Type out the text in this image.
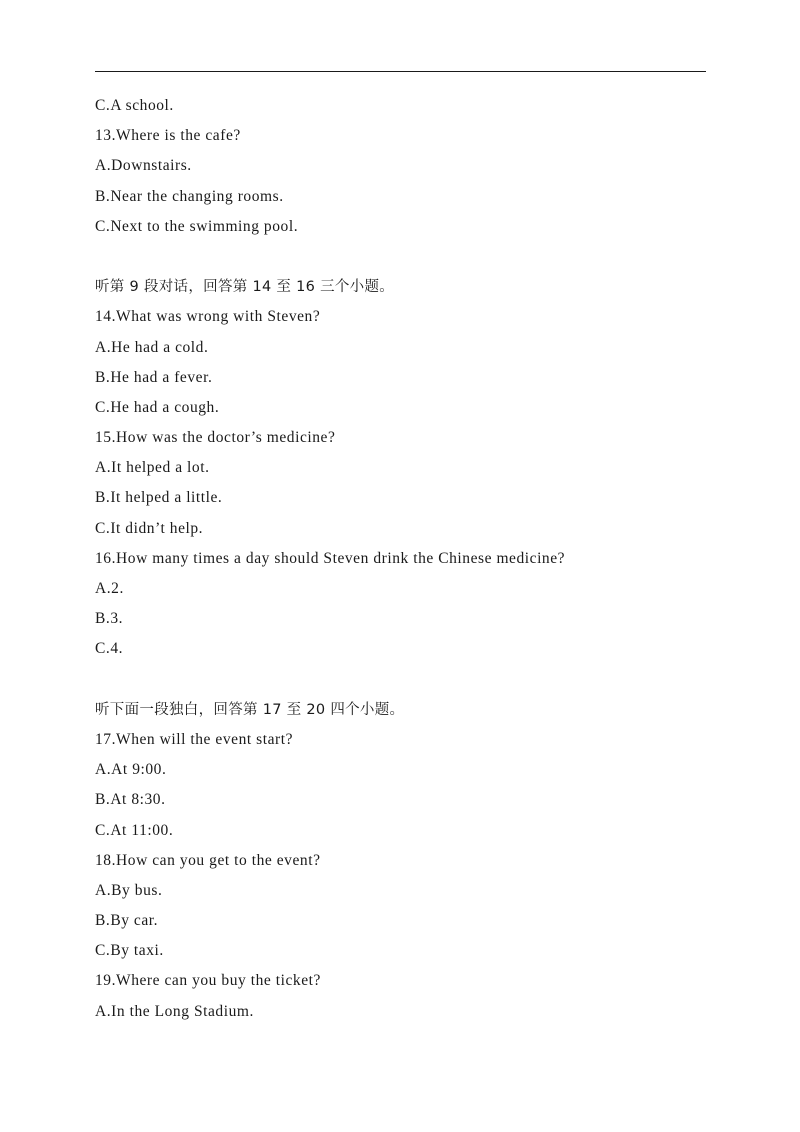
C.A school.
13.Where is the cafe?
A.Downstairs.
B.Near the changing rooms.
C.Next to the swimming pool.
听第 9 段对话，回答第 14 至 16 三个小题。
14.What was wrong with Steven?
A.He had a cold.
B.He had a fever.
C.He had a cough.
15.How was the doctor’s medicine?
A.It helped a lot.
B.It helped a little.
C.It didn’t help.
16.How many times a day should Steven drink the Chinese medicine?
A.2.
B.3.
C.4.
听下面一段独白，回答第 17 至 20 四个小题。
17.When will the event start?
A.At 9:00.
B.At 8:30.
C.At 11:00.
18.How can you get to the event?
A.By bus.
B.By car.
C.By taxi.
19.Where can you buy the ticket?
A.In the Long Stadium.
